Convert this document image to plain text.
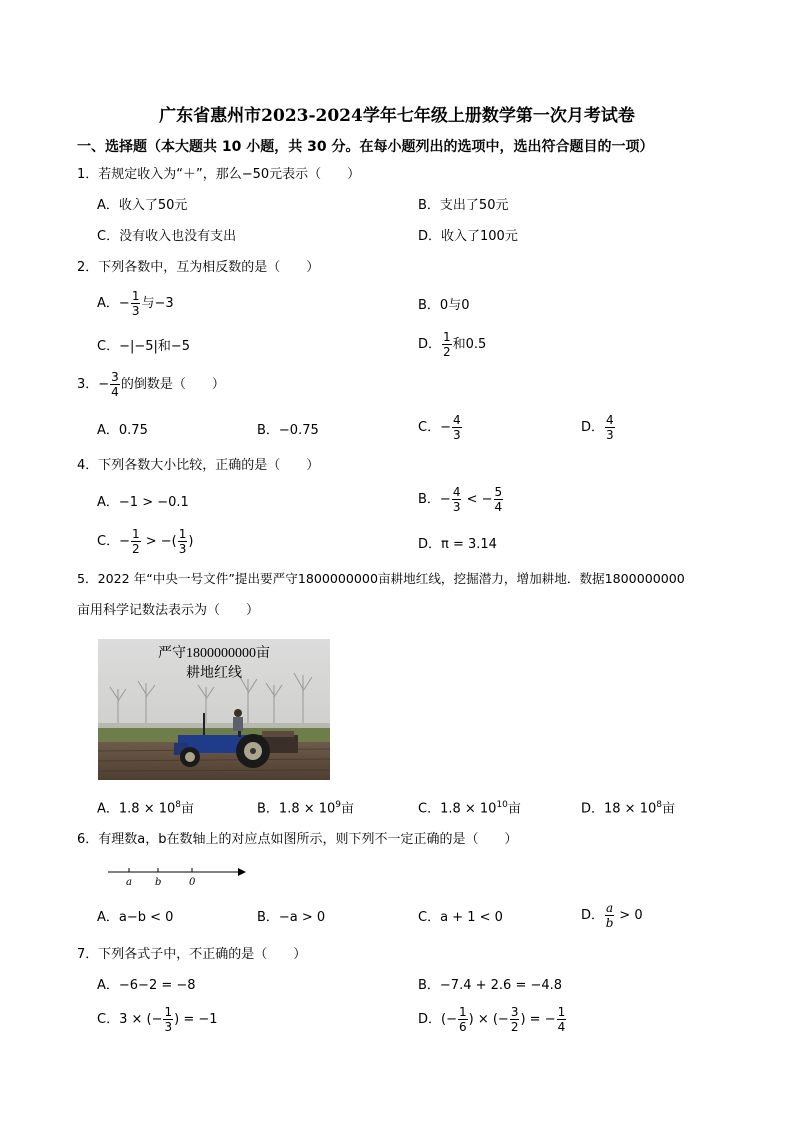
广东省惠州市2023-2024学年七年级上册数学第一次月考试卷
一、选择题（本大题共 10 小题，共 30 分。在每小题列出的选项中，选出符合题目的一项）
1．若规定收入为“＋”，那么−50元表示（　　）
A．收入了50元	B．支出了50元
C．没有收入也没有支出	D．收入了100元
2．下列各数中，互为相反数的是（　　）
A．− $\frac{1}{3}$ 与−3	B．0与0
C．−|−5|和−5	D． $\frac{1}{2}$ 和0.5
3．− $\frac{3}{4}$ 的倒数是（　　）
A．0.75	B．−0.75	C．− $\frac{4}{3}$	D． $\frac{4}{3}$
4．下列各数大小比较，正确的是（　　）
A．−1 > −0.1	B．− $\frac{4}{3}$ < − $\frac{5}{4}$
C．− $\frac{1}{2}$ > −( $\frac{1}{3}$ )	D．π = 3.14
5．2022 年“中央一号文件”提出要严守1800000000亩耕地红线，挖掘潜力，增加耕地．数据1800000000
亩用科学记数法表示为（　　）
严守1800000000亩
耕地红线
A．$1.8 \times 10^8$亩	B．$1.8 \times 10^9$亩	C．$1.8 \times 10^{10}$亩	D．$18 \times 10^8$亩
6．有理数a，b在数轴上的对应点如图所示，则下列不一定正确的是（　　）
a b	0
A．a−b < 0	B．−a > 0	C．a + 1 < 0	D． $\frac{a}{b} > 0$
7．下列各式子中，不正确的是（　　）
A．−6−2 = −8	B．−7.4 + 2.6 = −4.8
C．3 × (− $\frac{1}{3}$ ) = −1	D．(− $\frac{1}{6}$ ) × (− $\frac{3}{2}$ ) = − $\frac{1}{4}$
